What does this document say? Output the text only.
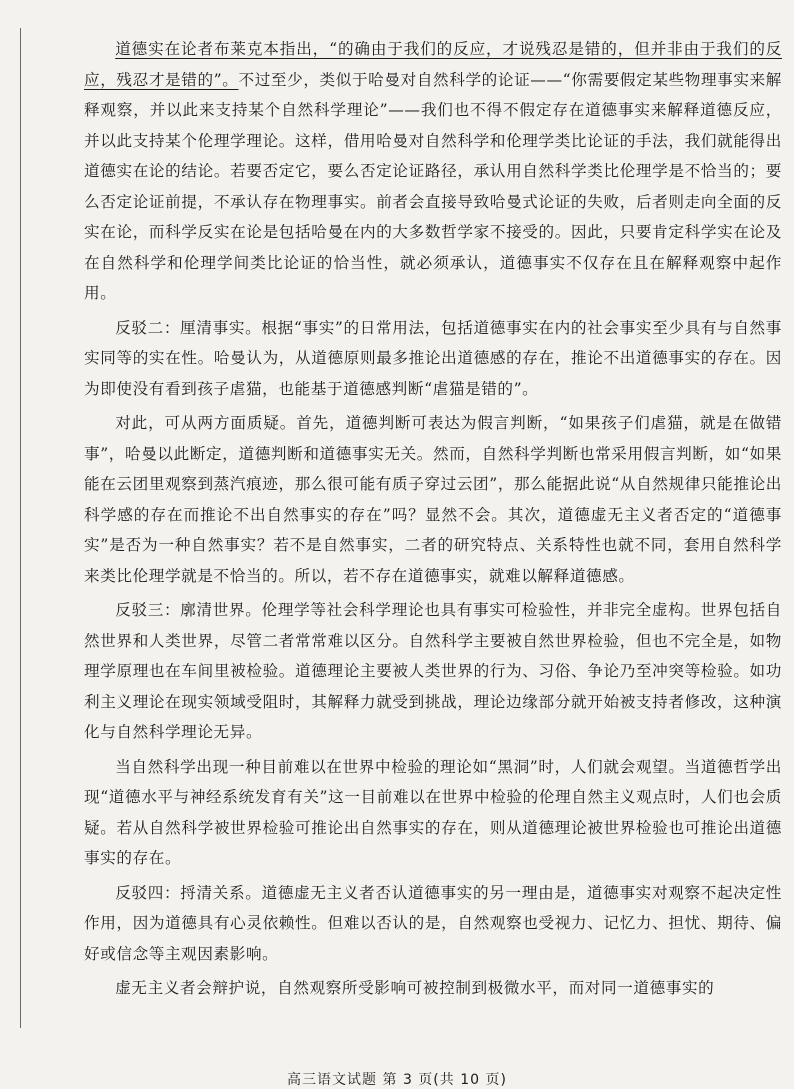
道德实在论者布莱克本指出，“的确由于我们的反应，才说残忍是错的，但并非由于我们的反应，残忍才是错的”。不过至少，类似于哈曼对自然科学的论证——“你需要假定某些物理事实来解释观察，并以此来支持某个自然科学理论”——我们也不得不假定存在道德事实来解释道德反应，并以此支持某个伦理学理论。这样，借用哈曼对自然科学和伦理学类比论证的手法，我们就能得出道德实在论的结论。若要否定它，要么否定论证路径，承认用自然科学类比伦理学是不恰当的；要么否定论证前提，不承认存在物理事实。前者会直接导致哈曼式论证的失败，后者则走向全面的反实在论，而科学反实在论是包括哈曼在内的大多数哲学家不接受的。因此，只要肯定科学实在论及在自然科学和伦理学间类比论证的恰当性，就必须承认，道德事实不仅存在且在解释观察中起作用。

反驳二：厘清事实。根据“事实”的日常用法，包括道德事实在内的社会事实至少具有与自然事实同等的实在性。哈曼认为，从道德原则最多推论出道德感的存在，推论不出道德事实的存在。因为即使没有看到孩子虐猫，也能基于道德感判断“虐猫是错的”。

对此，可从两方面质疑。首先，道德判断可表达为假言判断，“如果孩子们虐猫，就是在做错事”，哈曼以此断定，道德判断和道德事实无关。然而，自然科学判断也常采用假言判断，如“如果能在云团里观察到蒸汽痕迹，那么很可能有质子穿过云团”，那么能据此说“从自然规律只能推论出科学感的存在而推论不出自然事实的存在”吗？显然不会。其次，道德虚无主义者否定的“道德事实”是否为一种自然事实？若不是自然事实，二者的研究特点、关系特性也就不同，套用自然科学来类比伦理学就是不恰当的。所以，若不存在道德事实，就难以解释道德感。

反驳三：廓清世界。伦理学等社会科学理论也具有事实可检验性，并非完全虚构。世界包括自然世界和人类世界，尽管二者常常难以区分。自然科学主要被自然世界检验，但也不完全是，如物理学原理也在车间里被检验。道德理论主要被人类世界的行为、习俗、争论乃至冲突等检验。如功利主义理论在现实领域受阻时，其解释力就受到挑战，理论边缘部分就开始被支持者修改，这种演化与自然科学理论无异。

当自然科学出现一种目前难以在世界中检验的理论如“黑洞”时，人们就会观望。当道德哲学出现“道德水平与神经系统发育有关”这一目前难以在世界中检验的伦理自然主义观点时，人们也会质疑。若从自然科学被世界检验可推论出自然事实的存在，则从道德理论被世界检验也可推论出道德事实的存在。

反驳四：捋清关系。道德虚无主义者否认道德事实的另一理由是，道德事实对观察不起决定性作用，因为道德具有心灵依赖性。但难以否认的是，自然观察也受视力、记忆力、担忧、期待、偏好或信念等主观因素影响。

虚无主义者会辩护说，自然观察所受影响可被控制到极微水平，而对同一道德事实的

高三语文试题 第 3 页(共 10 页)
